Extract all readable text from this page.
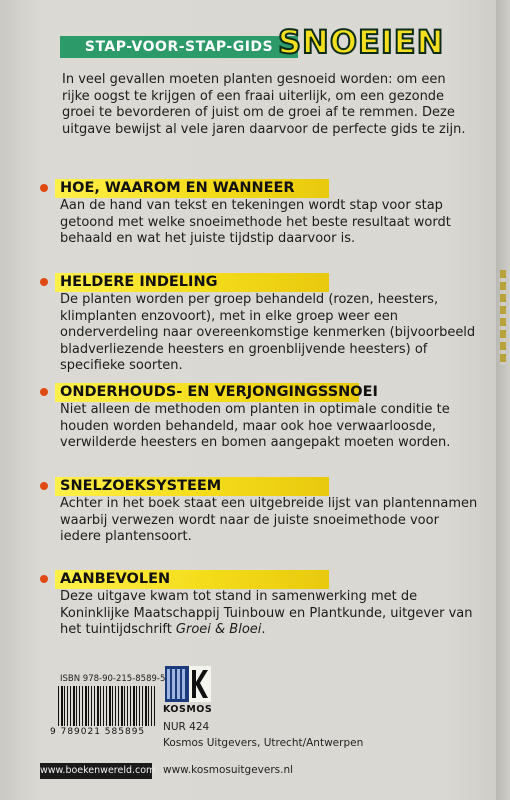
STAP-VOOR-STAP-GIDS SNOEIEN

In veel gevallen moeten planten gesnoeid worden: om een rijke oogst te krijgen of een fraai uiterlijk, om een gezonde groei te bevorderen of juist om de groei af te remmen. Deze uitgave bewijst al vele jaren daarvoor de perfecte gids te zijn.

HOE, WAAROM EN WANNEER

Aan de hand van tekst en tekeningen wordt stap voor stap getoond met welke snoeimethode het beste resultaat wordt behaald en wat het juiste tijdstip daarvoor is.

HELDERE INDELING

De planten worden per groep behandeld (rozen, heesters, klimplanten enzovoort), met in elke groep weer een onderverdeling naar overeenkomstige kenmerken (bijvoorbeeld bladverliezende heesters en groenblijvende heesters) of specifieke soorten.

ONDERHOUDS- EN VERJONGINGSSNOEI

Niet alleen de methoden om planten in optimale conditie te houden worden behandeld, maar ook hoe verwaarloosde, verwilderde heesters en bomen aangepakt moeten worden.

SNELZOEKSYSTEEM

Achter in het boek staat een uitgebreide lijst van plantennamen waarbij verwezen wordt naar de juiste snoeimethode voor iedere plantensoort.

AANBEVOLEN

Deze uitgave kwam tot stand in samenwerking met de Koninklijke Maatschappij Tuinbouw en Plantkunde, uitgever van het tuintijdschrift Groei & Bloei.

ISBN 978-90-215-8589-5
9 789021 585895
www.boekenwereld.com
KOSMOS
NUR 424
Kosmos Uitgevers, Utrecht/Antwerpen
www.kosmosuitgevers.nl
